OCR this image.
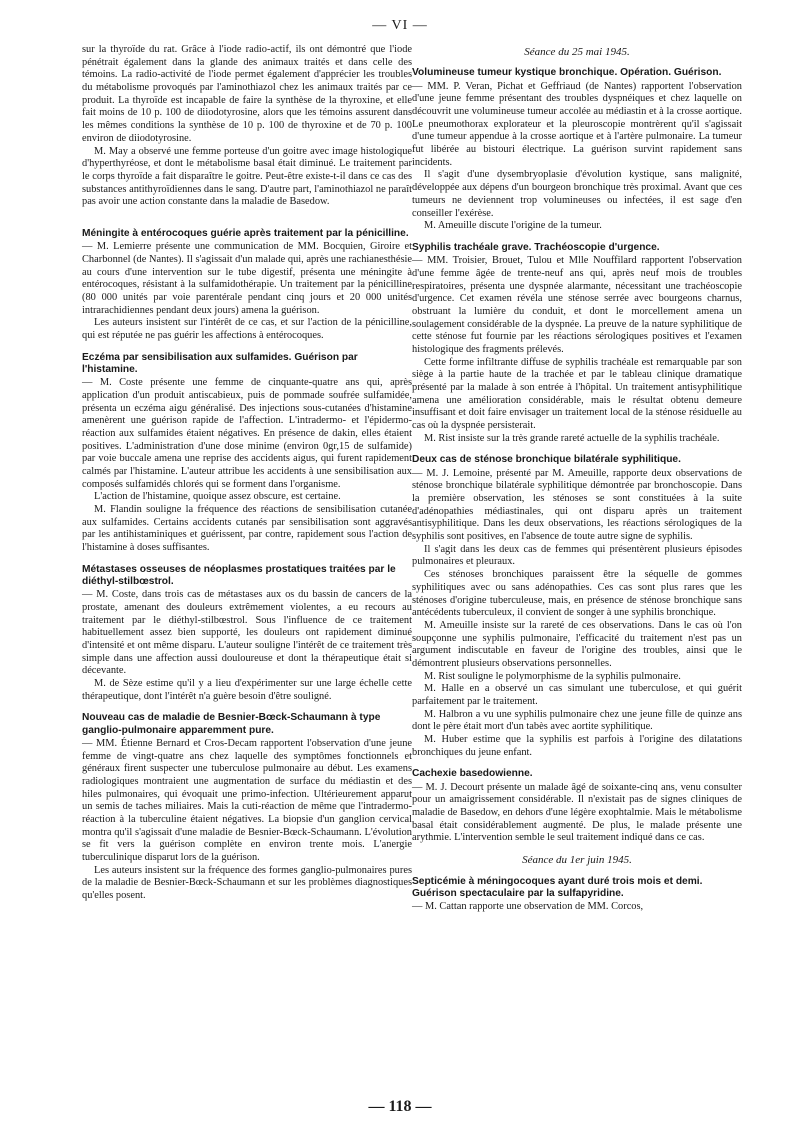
— VI —

sur la thyroïde du rat. Grâce à l'iode radio-actif, ils ont démontré que l'iode pénétrait également dans la glande des animaux traités et dans celle des témoins. La radio-activité de l'iode permet également d'apprécier les troubles du métabolisme provoqués par l'aminothiazol chez les animaux traités par ce produit. La thyroïde est incapable de faire la synthèse de la thyroxine, et elle fait moins de 10 p. 100 de diiodotyrosine, alors que les témoins assurent dans les mêmes conditions la synthèse de 10 p. 100 de thyroxine et de 70 p. 100 environ de diiodotyrosine.

M. May a observé une femme porteuse d'un goitre avec image histologique d'hyperthyréose, et dont le métabolisme basal était diminué. Le traitement par le corps thyroïde a fait disparaître le goitre. Peut-être existe-t-il dans ce cas des substances antithyroïdiennes dans le sang. D'autre part, l'aminothiazol ne paraît pas avoir une action constante dans la maladie de Basedow.

Méningite à entérocoques guérie après traitement par la pénicilline.

— M. Lemierre présente une communication de MM. Bocquien, Giroire et Charbonnel (de Nantes). Il s'agissait d'un malade qui, après une rachianesthésie au cours d'une intervention sur le tube digestif, présenta une méningite à entérocoques, résistant à la sulfamidothérapie. Un traitement par la pénicilline (80 000 unités par voie parentérale pendant cinq jours et 20 000 unités intrarachidiennes pendant deux jours) amena la guérison.

Les auteurs insistent sur l'intérêt de ce cas, et sur l'action de la pénicilline, qui est réputée ne pas guérir les affections à entérocoques.

Eczéma par sensibilisation aux sulfamides. Guérison par l'histamine.

— M. Coste présente une femme de cinquante-quatre ans qui, après application d'un produit antiscabieux, puis de pommade soufrée sulfamidée, présenta un eczéma aigu généralisé. Des injections sous-cutanées d'histamine amenèrent une guérison rapide de l'affection. L'intradermo- et l'épidermo-réaction aux sulfamides étaient négatives. En présence de dakin, elles étaient positives. L'administration d'une dose minime (environ 0gr,15 de sulfamide) par voie buccale amena une reprise des accidents aigus, qui furent rapidement calmés par l'histamine. L'auteur attribue les accidents à une sensibilisation aux composés sulfamidés chlorés qui se forment dans l'organisme.

L'action de l'histamine, quoique assez obscure, est certaine.

M. Flandin souligne la fréquence des réactions de sensibilisation cutanée aux sulfamides. Certains accidents cutanés par sensibilisation sont aggravés par les antihistaminiques et guérissent, par contre, rapidement sous l'action de l'histamine à doses suffisantes.

Métastases osseuses de néoplasmes prostatiques traitées par le diéthyl-stilbœstrol.

— M. Coste, dans trois cas de métastases aux os du bassin de cancers de la prostate, amenant des douleurs extrêmement violentes, a eu recours au traitement par le diéthyl-stilbœstrol. Sous l'influence de ce traitement habituellement assez bien supporté, les douleurs ont rapidement diminué d'intensité et ont même disparu. L'auteur souligne l'intérêt de ce traitement très simple dans une affection aussi douloureuse et dont la thérapeutique était si décevante.

M. de Sèze estime qu'il y a lieu d'expérimenter sur une large échelle cette thérapeutique, dont l'intérêt n'a guère besoin d'être souligné.

Nouveau cas de maladie de Besnier-Bœck-Schaumann à type ganglio-pulmonaire apparemment pure.

— MM. Étienne Bernard et Cros-Decam rapportent l'observation d'une jeune femme de vingt-quatre ans chez laquelle des symptômes fonctionnels et généraux firent suspecter une tuberculose pulmonaire au début. Les examens radiologiques montraient une augmentation de surface du médiastin et des hiles pulmonaires, qui évoquait une primo-infection. Ultérieurement apparut un semis de taches miliaires. Mais la cuti-réaction de même que l'intradermo-réaction à la tuberculine étaient négatives. La biopsie d'un ganglion cervical montra qu'il s'agissait d'une maladie de Besnier-Bœck-Schaumann. L'évolution se fit vers la guérison complète en environ trente mois. L'anergie tuberculinique disparut lors de la guérison.

Les auteurs insistent sur la fréquence des formes ganglio-pulmonaires pures de la maladie de Besnier-Bœck-Schaumann et sur les problèmes diagnostiques qu'elles posent.

Séance du 25 mai 1945.
Volumineuse tumeur kystique bronchique. Opération. Guérison.

— MM. P. Veran, Pichat et Geffriaud (de Nantes) rapportent l'observation d'une jeune femme présentant des troubles dyspnéiques et chez laquelle on découvrit une volumineuse tumeur accolée au médiastin et à la crosse aortique. Le pneumothorax explorateur et la pleuroscopie montrèrent qu'il s'agissait d'une tumeur appendue à la crosse aortique et à l'artère pulmonaire. La tumeur fut libérée au bistouri électrique. La guérison survint rapidement sans incidents.

Il s'agit d'une dysembryoplasie d'évolution kystique, sans malignité, développée aux dépens d'un bourgeon bronchique très proximal. Avant que ces tumeurs ne deviennent trop volumineuses ou infectées, il est sage d'en conseiller l'exérèse.

M. Ameuille discute l'origine de la tumeur.

Syphilis trachéale grave. Trachéoscopie d'urgence.

— MM. Troisier, Brouet, Tulou et Mlle Nouffilard rapportent l'observation d'une femme âgée de trente-neuf ans qui, après neuf mois de troubles respiratoires, présenta une dyspnée alarmante, nécessitant une trachéoscopie d'urgence. Cet examen révéla une sténose serrée avec bourgeons charnus, obstruant la lumière du conduit, et dont le morcellement amena un soulagement considérable de la dyspnée. La preuve de la nature syphilitique de cette sténose fut fournie par les réactions sérologiques positives et l'examen histologique des fragments prélevés.

Cette forme infiltrante diffuse de syphilis trachéale est remarquable par son siège à la partie haute de la trachée et par le tableau clinique dramatique présenté par la malade à son entrée à l'hôpital. Un traitement antisyphilitique amena une amélioration considérable, mais le résultat obtenu demeure insuffisant et doit faire envisager un traitement local de la sténose résiduelle au cas où la dyspnée persisterait.

M. Rist insiste sur la très grande rareté actuelle de la syphilis trachéale.

Deux cas de sténose bronchique bilatérale syphilitique.

— M. J. Lemoine, présenté par M. Ameuille, rapporte deux observations de sténose bronchique bilatérale syphilitique démontrée par bronchoscopie. Dans la première observation, les sténoses se sont constituées à la suite d'adénopathies médiastinales, qui ont disparu après un traitement antisyphilitique. Dans les deux observations, les réactions sérologiques de la syphilis sont positives, en l'absence de toute autre signe de syphilis.

Il s'agit dans les deux cas de femmes qui présentèrent plusieurs épisodes pulmonaires et pleuraux.

Ces sténoses bronchiques paraissent être la séquelle de gommes syphilitiques avec ou sans adénopathies. Ces cas sont plus rares que les sténoses d'origine tuberculeuse, mais, en présence de sténose bronchique sans antécédents tuberculeux, il convient de songer à une syphilis bronchique.

M. Ameuille insiste sur la rareté de ces observations. Dans le cas où l'on soupçonne une syphilis pulmonaire, l'efficacité du traitement n'est pas un argument indiscutable en faveur de l'origine des troubles, ainsi que le démontrent plusieurs observations personnelles.

M. Rist souligne le polymorphisme de la syphilis pulmonaire.

M. Halle en a observé un cas simulant une tuberculose, et qui guérit parfaitement par le traitement.

M. Halbron a vu une syphilis pulmonaire chez une jeune fille de quinze ans dont le père était mort d'un tabès avec aortite syphilitique.

M. Huber estime que la syphilis est parfois à l'origine des dilatations bronchiques du jeune enfant.

Cachexie basedowienne.

— M. J. Decourt présente un malade âgé de soixante-cinq ans, venu consulter pour un amaigrissement considérable. Il n'existait pas de signes cliniques de maladie de Basedow, en dehors d'une légère exophtalmie. Mais le métabolisme basal était considérablement augmenté. De plus, le malade présente une arythmie. L'intervention semble le seul traitement indiqué dans ce cas.

Séance du 1er juin 1945.
Septicémie à méningocoques ayant duré trois mois et demi. Guérison spectaculaire par la sulfapyridine.

— M. Cattan rapporte une observation de MM. Corcos,

— 118 —
